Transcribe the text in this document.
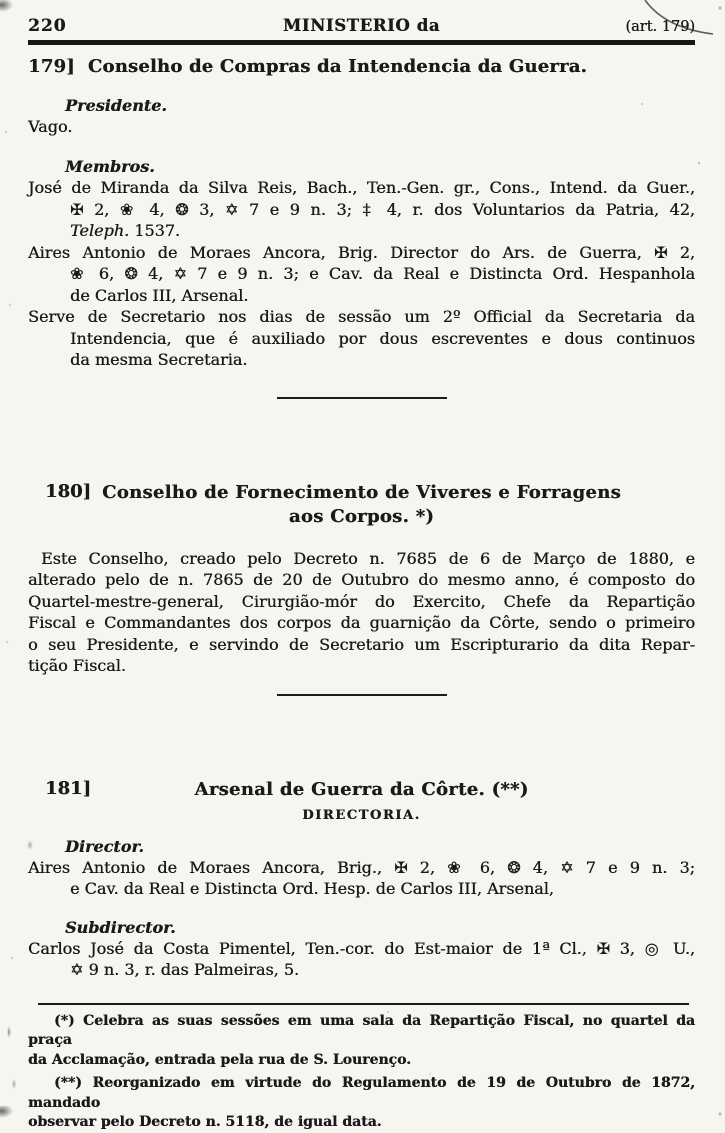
220	MINISTERIO da	(art. 179)
179] Conselho de Compras da Intendencia da Guerra.
Presidente.
Vago.
Membros.
José de Miranda da Silva Reis, Bach., Ten.-Gen. gr., Cons., Intend. da Guer.,
✠ 2, ❀ 4, ❂ 3, ✡ 7 e 9 n. 3; ‡ 4, r. dos Voluntarios da Patria, 42,
Teleph. 1537.
Aires Antonio de Moraes Ancora, Brig. Director do Ars. de Guerra, ✠ 2,
❀ 6, ❂ 4, ✡ 7 e 9 n. 3; e Cav. da Real e Distincta Ord. Hespanhola
de Carlos III, Arsenal.
Serve de Secretario nos dias de sessão um 2º Official da Secretaria da
Intendencia, que é auxiliado por dous escreventes e dous continuos
da mesma Secretaria.
180] Conselho de Fornecimento de Viveres e Forragens
aos Corpos. *)
Este Conselho, creado pelo Decreto n. 7685 de 6 de Março de 1880, e
alterado pelo de n. 7865 de 20 de Outubro do mesmo anno, é composto do
Quartel-mestre-general, Cirurgião-mór do Exercito, Chefe da Repartição
Fiscal e Commandantes dos corpos da guarnição da Côrte, sendo o primeiro
o seu Presidente, e servindo de Secretario um Escripturario da dita Repar-
tição Fiscal.
181]	Arsenal de Guerra da Côrte. (**)
DIRECTORIA.
Director.
Aires Antonio de Moraes Ancora, Brig., ✠ 2, ❀ 6, ❂ 4, ✡ 7 e 9 n. 3;
e Cav. da Real e Distincta Ord. Hesp. de Carlos III, Arsenal,
Subdirector.
Carlos José da Costa Pimentel, Ten.-cor. do Est-maior de 1ª Cl., ✠ 3, ◎ U.,
✡ 9 n. 3, r. das Palmeiras, 5.
(*) Celebra as suas sessões em uma sala da Repartição Fiscal, no quartel da praça
da Acclamação, entrada pela rua de S. Lourenço.
(**) Reorganizado em virtude do Regulamento de 19 de Outubro de 1872, mandado
observar pelo Decreto n. 5118, de igual data.
